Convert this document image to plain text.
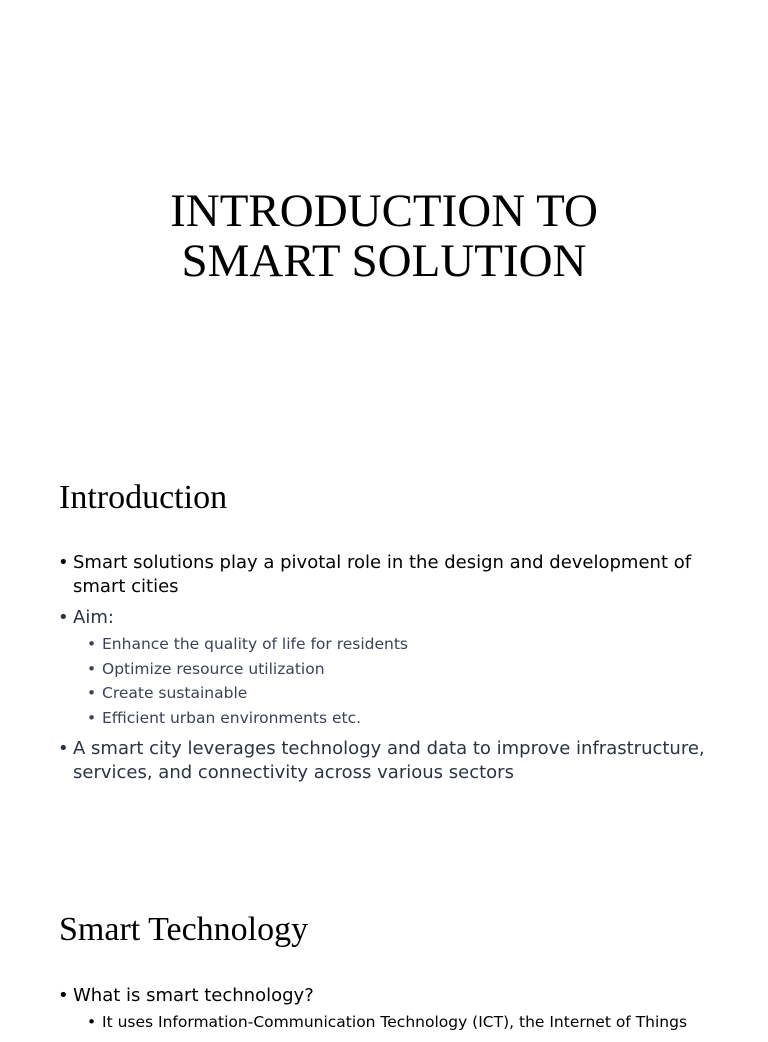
INTRODUCTION TO
SMART SOLUTION
Introduction
• Smart solutions play a pivotal role in the design and development of smart cities
• Aim:
• Enhance the quality of life for residents
• Optimize resource utilization
• Create sustainable
• Efficient urban environments etc.
• A smart city leverages technology and data to improve infrastructure, services, and connectivity across various sectors
Smart Technology
• What is smart technology?
• It uses Information-Communication Technology (ICT), the Internet of Things
